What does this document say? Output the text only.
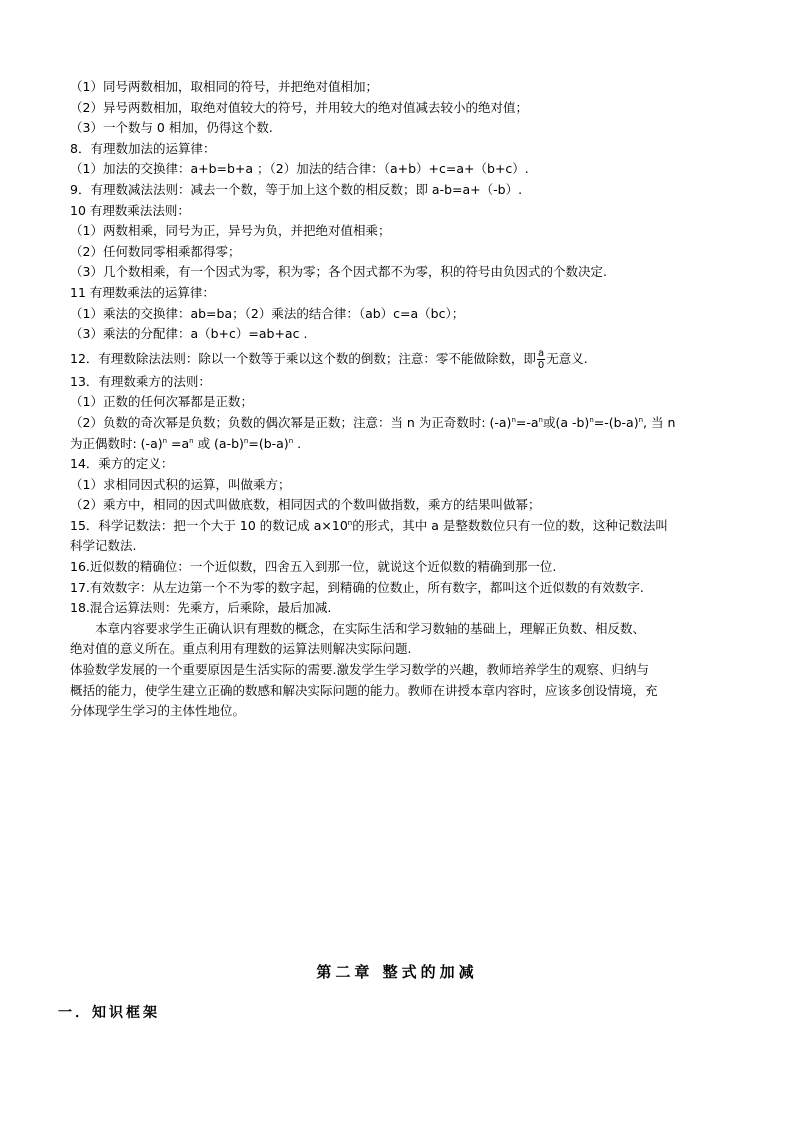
（1）同号两数相加，取相同的符号，并把绝对值相加；
（2）异号两数相加，取绝对值较大的符号，并用较大的绝对值减去较小的绝对值；
（3）一个数与 0 相加，仍得这个数.
8．有理数加法的运算律：
（1）加法的交换律：a+b=b+a ；（2）加法的结合律：（a+b）+c=a+（b+c）.
9．有理数减法法则：减去一个数，等于加上这个数的相反数；即 a-b=a+（-b）.
10 有理数乘法法则：
（1）两数相乘，同号为正，异号为负，并把绝对值相乘；
（2）任何数同零相乘都得零；
（3）几个数相乘，有一个因式为零，积为零；各个因式都不为零，积的符号由负因式的个数决定.
11 有理数乘法的运算律：
（1）乘法的交换律：ab=ba；（2）乘法的结合律：（ab）c=a（bc）；
（3）乘法的分配律：a（b+c）=ab+ac .
12．有理数除法法则：除以一个数等于乘以这个数的倒数；注意：零不能做除数，即 $\frac{a}{0}$ 无意义.
13．有理数乘方的法则：
（1）正数的任何次幂都是正数；
（2）负数的奇次幂是负数；负数的偶次幂是正数；注意：当 n 为正奇数时: $(-a)^n=-a^n$或(a $-b)^n=-(b-a)^n$, 当 n
为正偶数时: $(-a)^n =a^n$ 或 $(a-b)^n=(b-a)^n$ .
14．乘方的定义：
（1）求相同因式积的运算，叫做乘方；
（2）乘方中，相同的因式叫做底数，相同因式的个数叫做指数，乘方的结果叫做幂；
15．科学记数法：把一个大于 10 的数记成 $a\times 10^n$的形式，其中 a 是整数数位只有一位的数，这种记数法叫
科学记数法.
16.近似数的精确位：一个近似数，四舍五入到那一位，就说这个近似数的精确到那一位.
17.有效数字：从左边第一个不为零的数字起，到精确的位数止，所有数字，都叫这个近似数的有效数字.
18.混合运算法则：先乘方，后乘除，最后加减.
本章内容要求学生正确认识有理数的概念，在实际生活和学习数轴的基础上，理解正负数、相反数、
绝对值的意义所在。重点利用有理数的运算法则解决实际问题.
体验数学发展的一个重要原因是生活实际的需要.激发学生学习数学的兴趣，教师培养学生的观察、归纳与
概括的能力，使学生建立正确的数感和解决实际问题的能力。教师在讲授本章内容时，应该多创设情境，充
分体现学生学习的主体性地位。
第二章 整式的加减
一．知识框架
